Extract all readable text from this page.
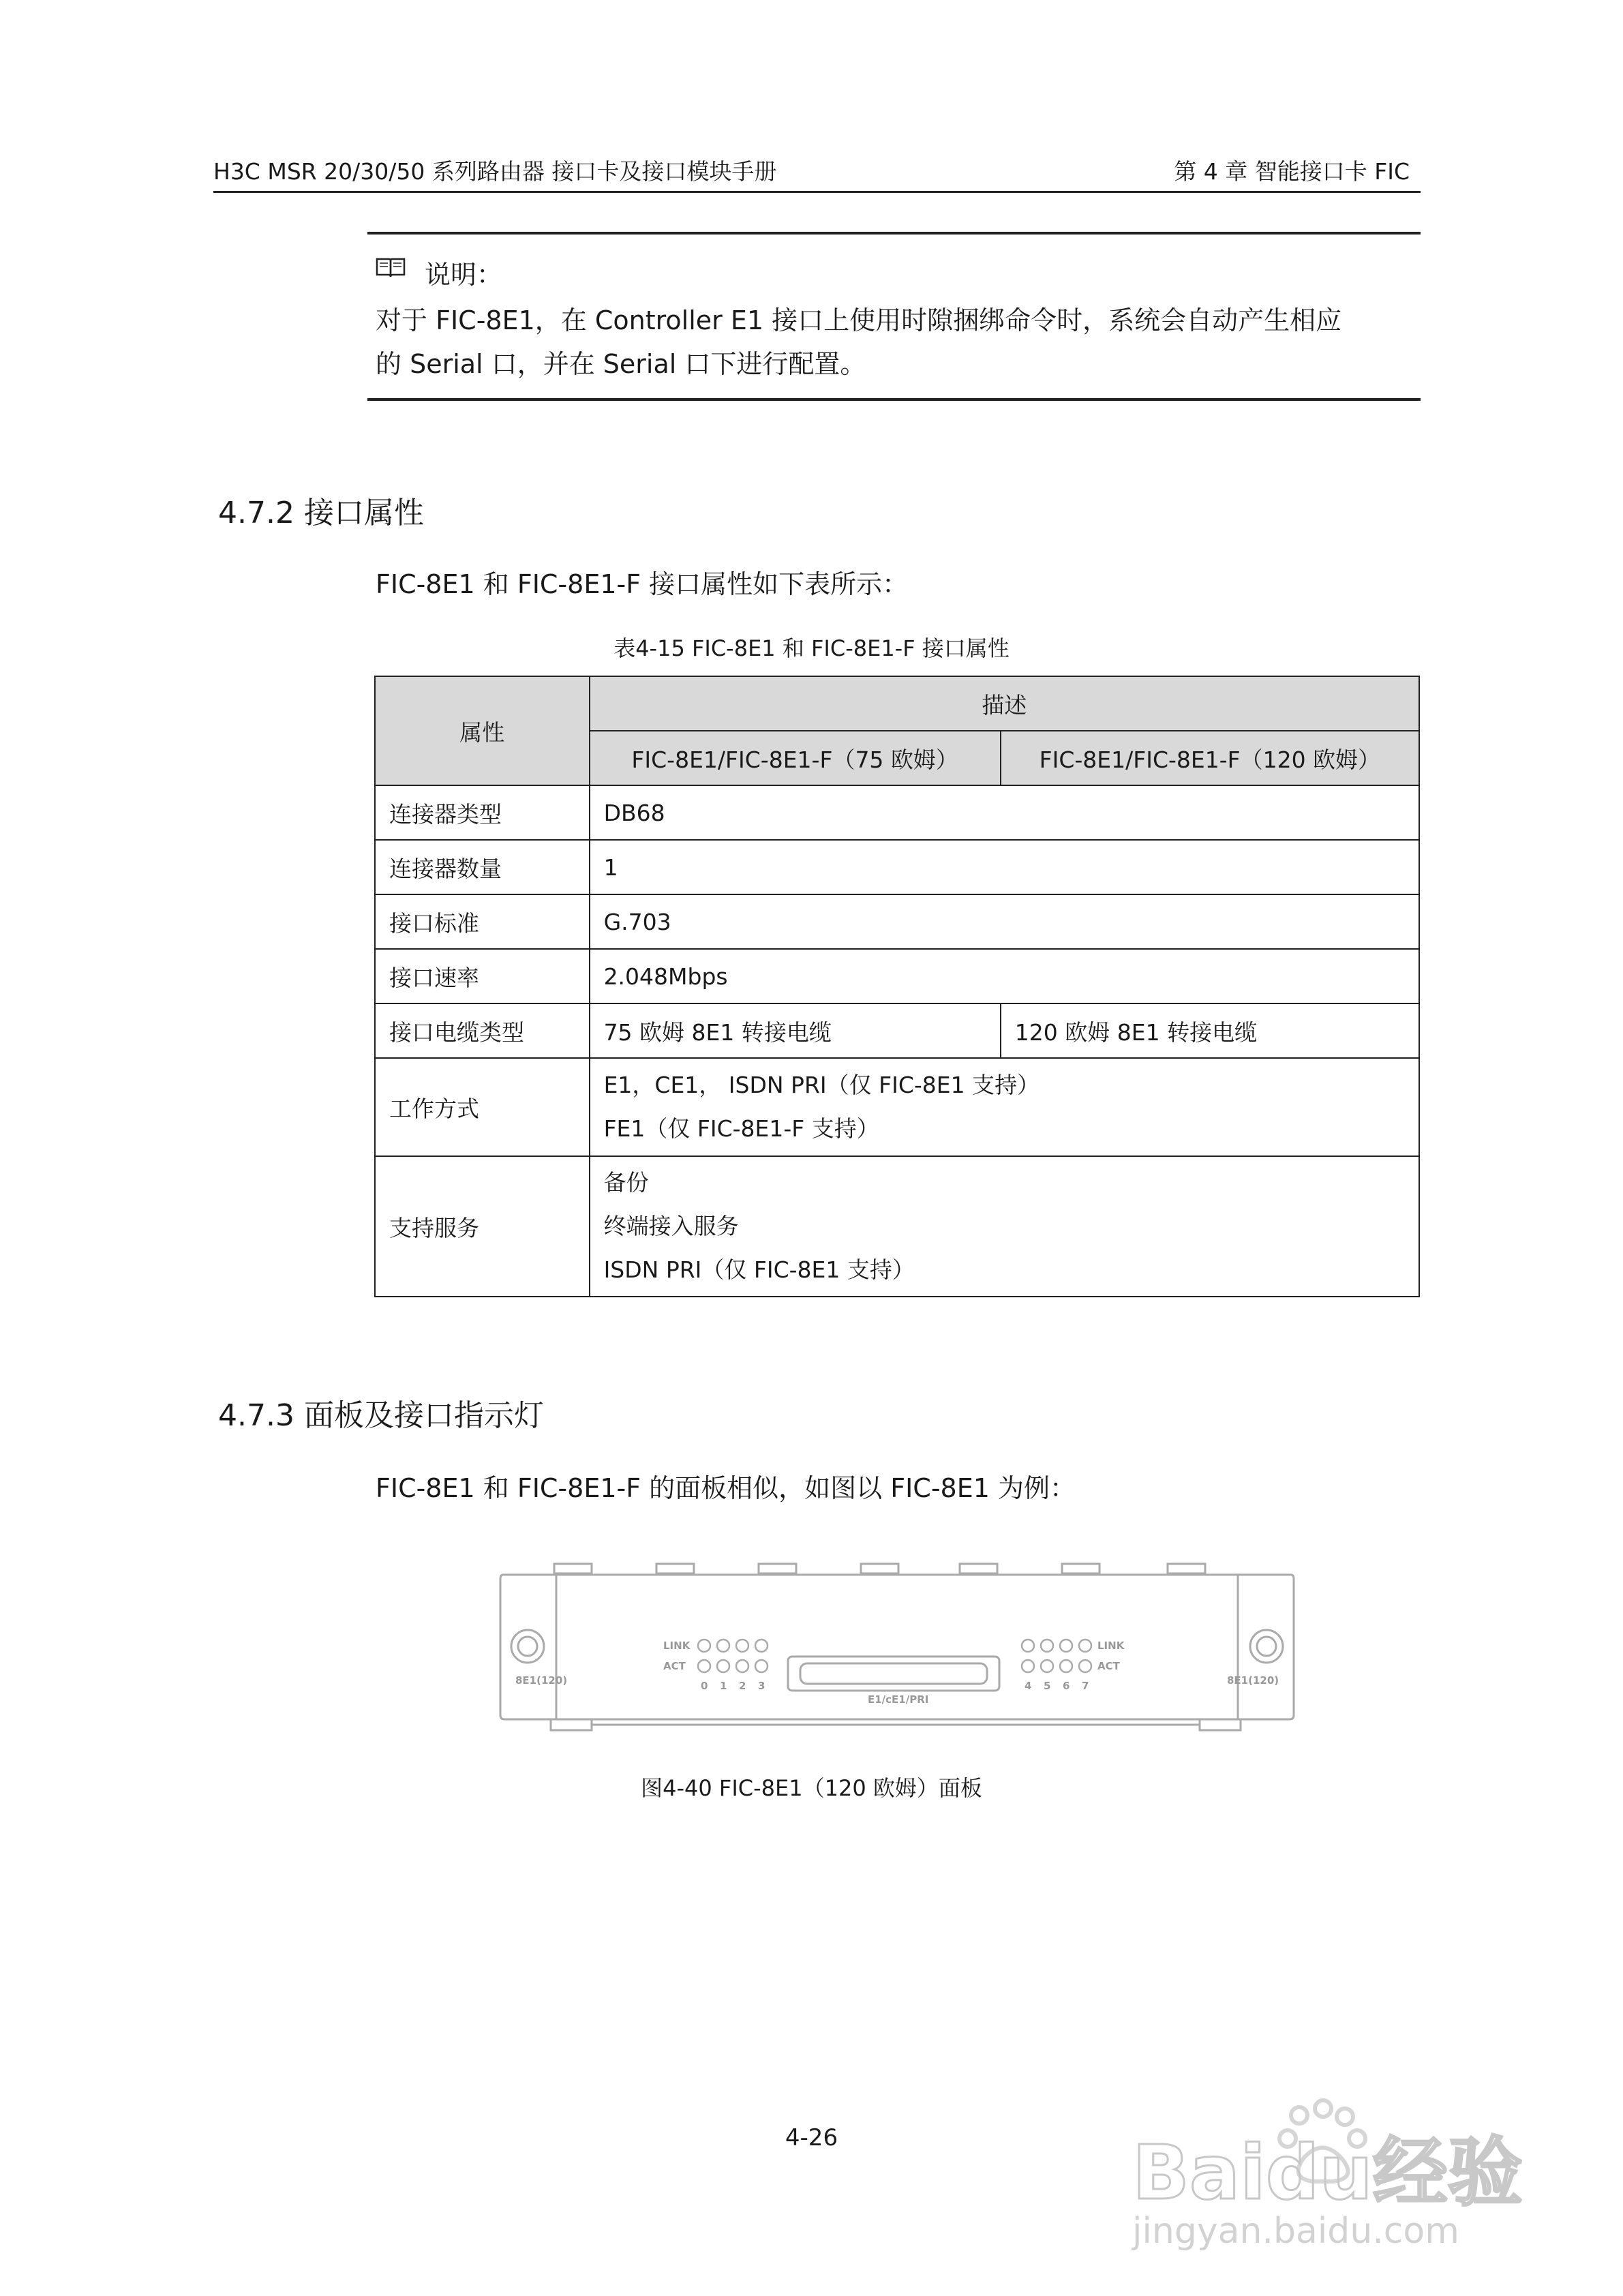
H3C MSR 20/30/50 系列路由器 接口卡及接口模块手册	第 4 章 智能接口卡 FIC
说明：
对于 FIC-8E1，在 Controller E1 接口上使用时隙捆绑命令时，系统会自动产生相应
的 Serial 口，并在 Serial 口下进行配置。
4.7.2 接口属性
FIC-8E1 和 FIC-8E1-F 接口属性如下表所示：
表4-15 FIC-8E1 和 FIC-8E1-F 接口属性
属性	描述	
	FIC-8E1/FIC-8E1-F（75 欧姆）	FIC-8E1/FIC-8E1-F（120 欧姆）
连接器类型	DB68	
连接器数量	1	
接口标准	G.703	
接口速率	2.048Mbps	
接口电缆类型	75 欧姆 8E1 转接电缆	120 欧姆 8E1 转接电缆
工作方式	E1，CE1， ISDN PRI（仅 FIC-8E1 支持）
FE1（仅 FIC-8E1-F 支持）	

支持服务	备份
终端接入服务
ISDN PRI（仅 FIC-8E1 支持）	
4.7.3 面板及接口指示灯
FIC-8E1 和 FIC-8E1-F 的面板相似，如图以 FIC-8E1 为例：
8E1(120)	8E1(120)
LINK
ACT
LINK
ACT
0 1 2 3	4 5 6 7
E1/cE1/PRI
图4-40 FIC-8E1（120 欧姆）面板
4-26	Baidu经验
jingyan.baidu.com
